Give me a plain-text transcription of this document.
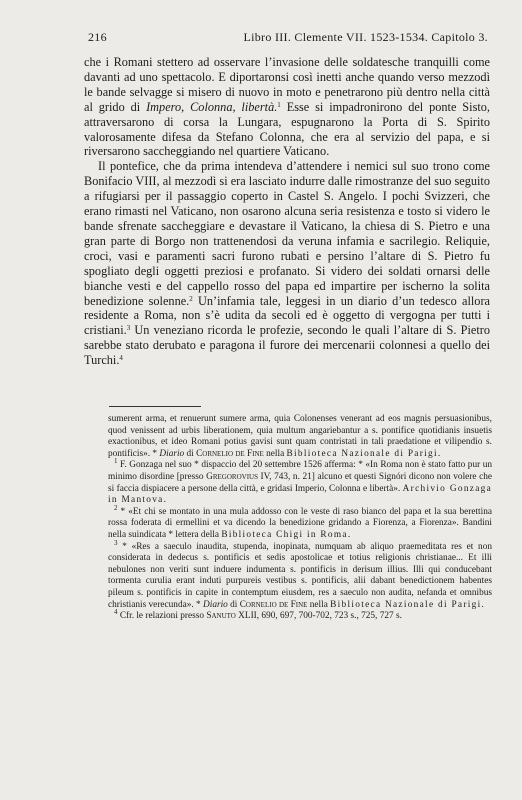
216	Libro III. Clemente VII. 1523-1534. Capitolo 3.

che i Romani stettero ad osservare l’invasione delle soldatesche tranquilli come davanti ad uno spettacolo. E diportaronsi così inetti anche quando verso mezzodì le bande selvagge si misero di nuovo in moto e penetrarono più dentro nella città al grido di Impero, Colonna, libertà.$^1$ Esse si impadronirono del ponte Sisto, attraversarono di corsa la Lungara, espugnarono la Porta di S. Spirito valorosamente difesa da Stefano Colonna, che era al servizio del papa, e si riversarono saccheggiando nel quartiere Vaticano.

Il pontefice, che da prima intendeva d’attendere i nemici sul suo trono come Bonifacio VIII, al mezzodì si era lasciato indurre dalle rimostranze del suo seguito a rifugiarsi per il passaggio coperto in Castel S. Angelo. I pochi Svizzeri, che erano rimasti nel Vaticano, non osarono alcuna seria resistenza e tosto si videro le bande sfrenate saccheggiare e devastare il Vaticano, la chiesa di S. Pietro e una gran parte di Borgo non trattenendosi da veruna infamia e sacrilegio. Reliquie, croci, vasi e paramenti sacri furono rubati e persino l’altare di S. Pietro fu spogliato degli oggetti preziosi e profanato. Si videro dei soldati ornarsi delle bianche vesti e del cappello rosso del papa ed impartire per ischerno la solita benedizione solenne.$^2$ Un’infamia tale, leggesi in un diario d’un tedesco allora residente a Roma, non s’è udita da secoli ed è oggetto di vergogna per tutti i cristiani.$^3$ Un veneziano ricorda le profezie, secondo le quali l’altare di S. Pietro sarebbe stato derubato e paragona il furore dei mercenarii colonnesi a quello dei Turchi.$^4$

sumerent arma, et renuerunt sumere arma, quia Colonenses venerant ad eos magnis persuasionibus, quod venissent ad urbis liberationem, quia multum angariebantur a s. pontifice quotidianis insuetis exactionibus, et ideo Romani potius gavisi sunt quam contristati in tali praedatione et vilipendio s. pontificis». * Diario di Cornelio de Fine nella Biblioteca Nazionale di Parigi.

$^1$ F. Gonzaga nel suo * dispaccio del 20 settembre 1526 afferma: * «In Roma non è stato fatto pur un minimo disordine [presso Gregorovius IV, 743, n. 21] alcuno et questi Signóri dicono non volere che si faccia dispiacere a persone della città, e gridasi Imperio, Colonna e libertà». Archivio Gonzaga in Mantova.

$^2$ * «Et chi se montato in una mula addosso con le veste di raso bianco del papa et la sua berettina rossa foderata di ermellini et va dicendo la benedizione gridando a Fiorenza, a Fiorenza». Bandini nella suindicata * lettera della Biblioteca Chigi in Roma.

$^3$ * «Res a saeculo inaudita, stupenda, inopinata, numquam ab aliquo praemeditata res et non considerata in dedecus s. pontificis et sedis apostolicae et totius religionis christianae... Et illi nebulones non veriti sunt induere indumenta s. pontificis in derisum illius. Illi qui conducebant tormenta curulia erant induti purpureis vestibus s. pontificis, alii dabant benedictionem habentes pileum s. pontificis in capite in contemptum eiusdem, res a saeculo non audita, nefanda et omnibus christianis verecunda». * Diario di Cornelio de Fine nella Biblioteca Nazionale di Parigi.

$^4$ Cfr. le relazioni presso Sanuto XLII, 690, 697, 700-702, 723 s., 725, 727 s.
